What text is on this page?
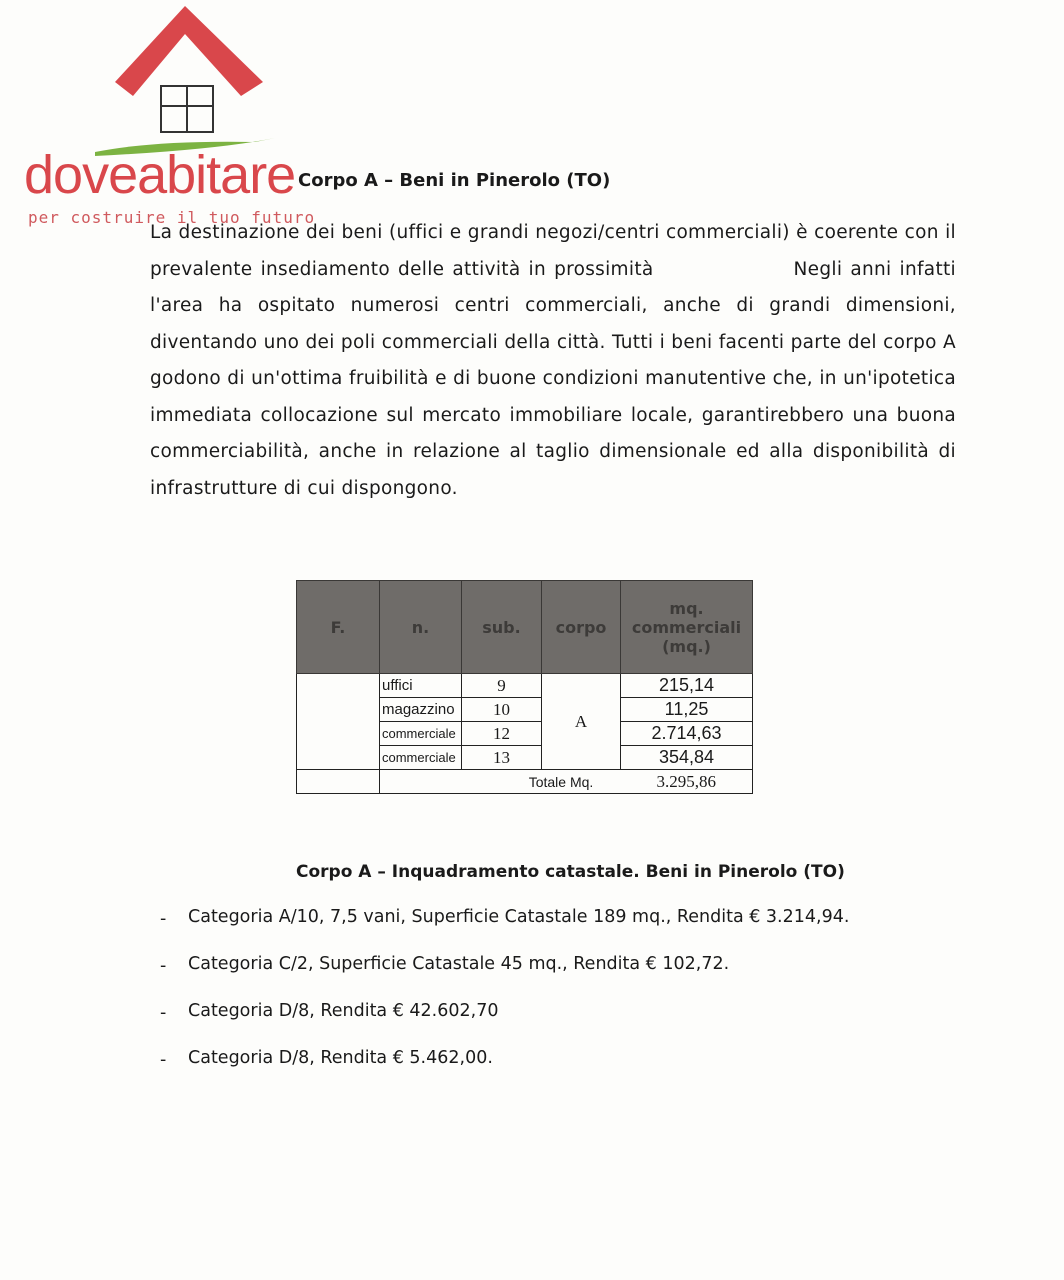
doveabitare
per costruire il tuo futuro
Corpo A – Beni in Pinerolo (TO)
La destinazione dei beni (uffici e grandi negozi/centri commerciali) è coerente con il prevalente insediamento delle attività in prossimità	Negli anni infatti l'area ha ospitato numerosi centri commerciali, anche di grandi dimensioni, diventando uno dei poli commerciali della città. Tutti i beni facenti parte del corpo A godono di un'ottima fruibilità e di buone condizioni manutentive che, in un'ipotetica immediata collocazione sul mercato immobiliare locale, garantirebbero una buona commerciabilità, anche in relazione al taglio dimensionale ed alla disponibilità di infrastrutture di cui dispongono.
F.	n.	sub.	corpo	mq. commerciali (mq.)
	uffici	9	A	215,14
	magazzino	10		11,25
	commerciale	12		2.714,63
	commerciale	13		354,84
		Totale Mq.		3.295,86
Corpo A – Inquadramento catastale. Beni in Pinerolo (TO)
- Categoria A/10, 7,5 vani, Superficie Catastale 189 mq., Rendita € 3.214,94.
- Categoria C/2, Superficie Catastale 45 mq., Rendita € 102,72.
- Categoria D/8, Rendita € 42.602,70
- Categoria D/8, Rendita € 5.462,00.
